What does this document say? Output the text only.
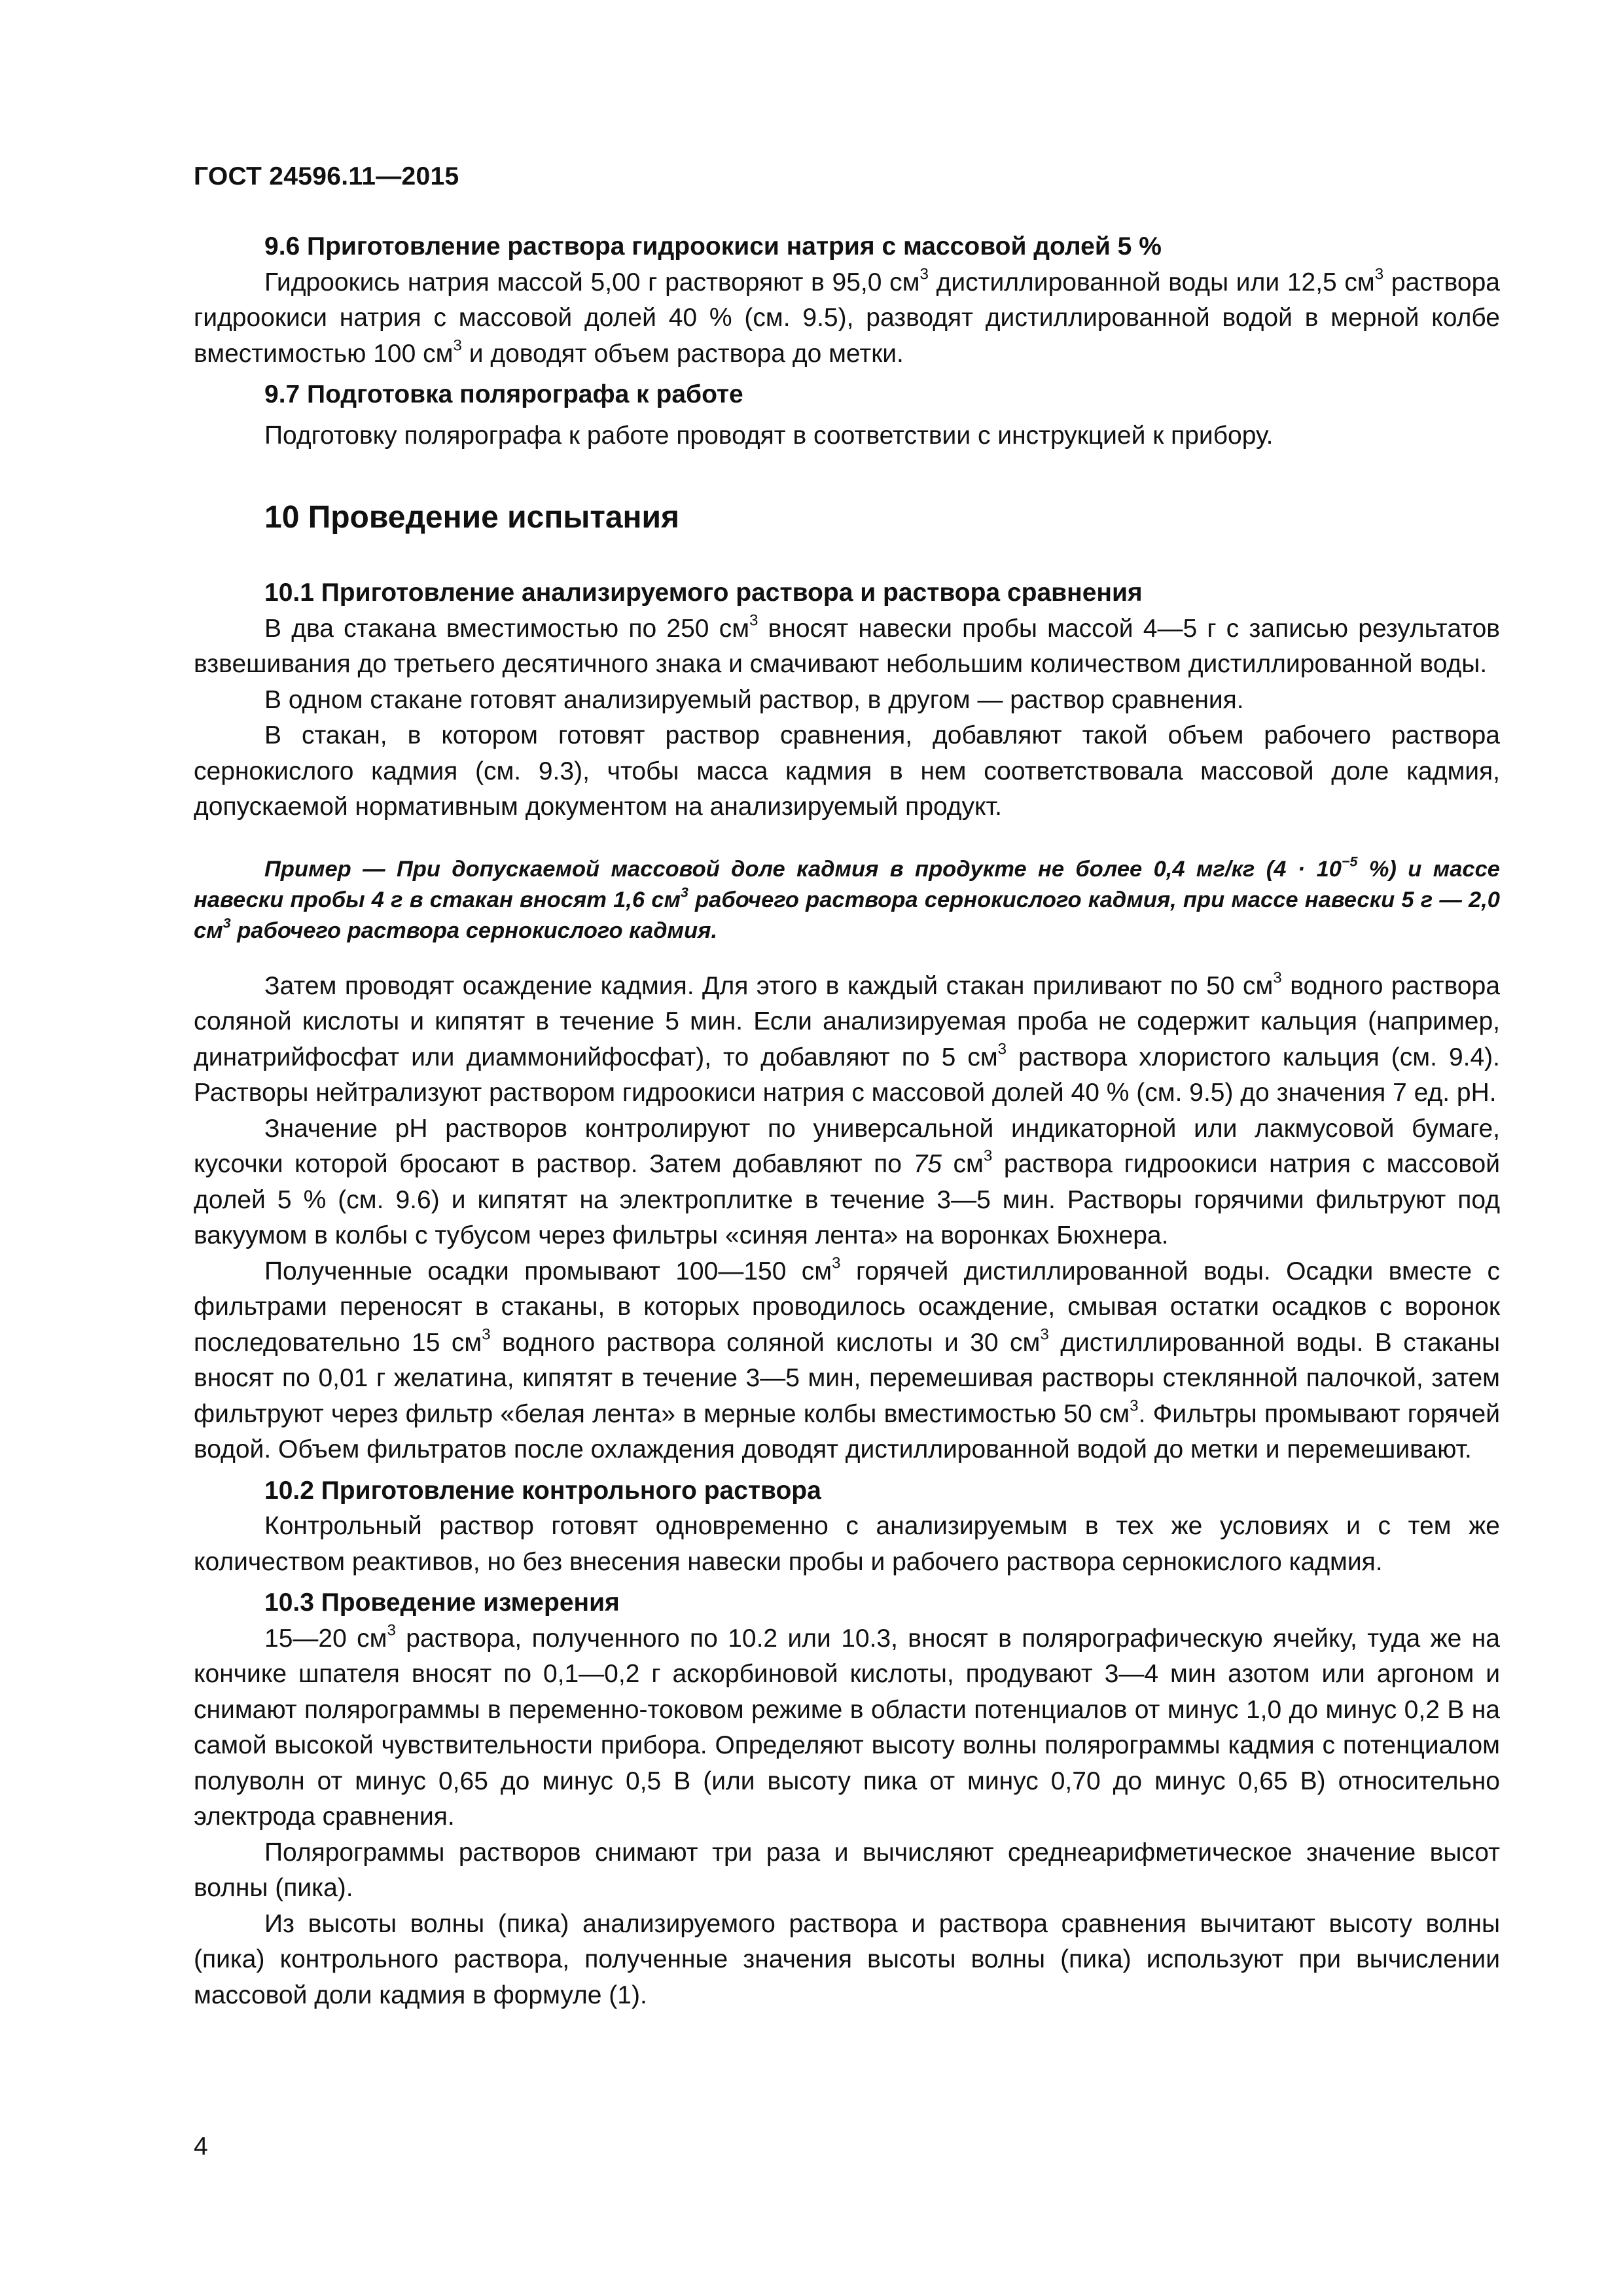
ГОСТ 24596.11—2015
9.6 Приготовление раствора гидроокиси натрия с массовой долей 5 %

Гидроокись натрия массой 5,00 г растворяют в 95,0 $см^3$ дистиллированной воды или 12,5 $см^3$ раствора гидроокиси натрия с массовой долей 40 % (см. 9.5), разводят дистиллированной водой в мерной колбе вместимостью 100 $см^3$ и доводят объем раствора до метки.

9.7 Подготовка полярографа к работе

Подготовку полярографа к работе проводят в соответствии с инструкцией к прибору.

10 Проведение испытания
10.1 Приготовление анализируемого раствора и раствора сравнения

В два стакана вместимостью по 250 $см^3$ вносят навески пробы массой 4—5 г с записью результатов взвешивания до третьего десятичного знака и смачивают небольшим количеством дистиллированной воды.

В одном стакане готовят анализируемый раствор, в другом — раствор сравнения.

В стакан, в котором готовят раствор сравнения, добавляют такой объем рабочего раствора сернокислого кадмия (см. 9.3), чтобы масса кадмия в нем соответствовала массовой доле кадмия, допускаемой нормативным документом на анализируемый продукт.

Пример — При допускаемой массовой доле кадмия в продукте не более 0,4 мг/кг ($4 \cdot 10^{-5}$ %) и массе навески пробы 4 г в стакан вносят 1,6 $см^3$ рабочего раствора сернокислого кадмия, при массе навески 5 г — 2,0 $см^3$ рабочего раствора сернокислого кадмия.

Затем проводят осаждение кадмия. Для этого в каждый стакан приливают по 50 $см^3$ водного раствора соляной кислоты и кипятят в течение 5 мин. Если анализируемая проба не содержит кальция (например, динатрийфосфат или диаммонийфосфат), то добавляют по 5 $см^3$ раствора хлористого кальция (см. 9.4). Растворы нейтрализуют раствором гидроокиси натрия с массовой долей 40 % (см. 9.5) до значения 7 ед. рН.

Значение рН растворов контролируют по универсальной индикаторной или лакмусовой бумаге, кусочки которой бросают в раствор. Затем добавляют по 75 $см^3$ раствора гидроокиси натрия с массовой долей 5 % (см. 9.6) и кипятят на электроплитке в течение 3—5 мин. Растворы горячими фильтруют под вакуумом в колбы с тубусом через фильтры «синяя лента» на воронках Бюхнера.

Полученные осадки промывают 100—150 $см^3$ горячей дистиллированной воды. Осадки вместе с фильтрами переносят в стаканы, в которых проводилось осаждение, смывая остатки осадков с воронок последовательно 15 $см^3$ водного раствора соляной кислоты и 30 $см^3$ дистиллированной воды. В стаканы вносят по 0,01 г желатина, кипятят в течение 3—5 мин, перемешивая растворы стеклянной палочкой, затем фильтруют через фильтр «белая лента» в мерные колбы вместимостью 50 $см^3$. Фильтры промывают горячей водой. Объем фильтратов после охлаждения доводят дистиллированной водой до метки и перемешивают.

10.2 Приготовление контрольного раствора

Контрольный раствор готовят одновременно с анализируемым в тех же условиях и с тем же количеством реактивов, но без внесения навески пробы и рабочего раствора сернокислого кадмия.

10.3 Проведение измерения

15—20 $см^3$ раствора, полученного по 10.2 или 10.3, вносят в полярографическую ячейку, туда же на кончике шпателя вносят по 0,1—0,2 г аскорбиновой кислоты, продувают 3—4 мин азотом или аргоном и снимают полярограммы в переменно-токовом режиме в области потенциалов от минус 1,0 до минус 0,2 В на самой высокой чувствительности прибора. Определяют высоту волны полярограммы кадмия с потенциалом полуволн от минус 0,65 до минус 0,5 В (или высоту пика от минус 0,70 до минус 0,65 В) относительно электрода сравнения.

Полярограммы растворов снимают три раза и вычисляют среднеарифметическое значение высот волны (пика).

Из высоты волны (пика) анализируемого раствора и раствора сравнения вычитают высоту волны (пика) контрольного раствора, полученные значения высоты волны (пика) используют при вычислении массовой доли кадмия в формуле (1).

4
